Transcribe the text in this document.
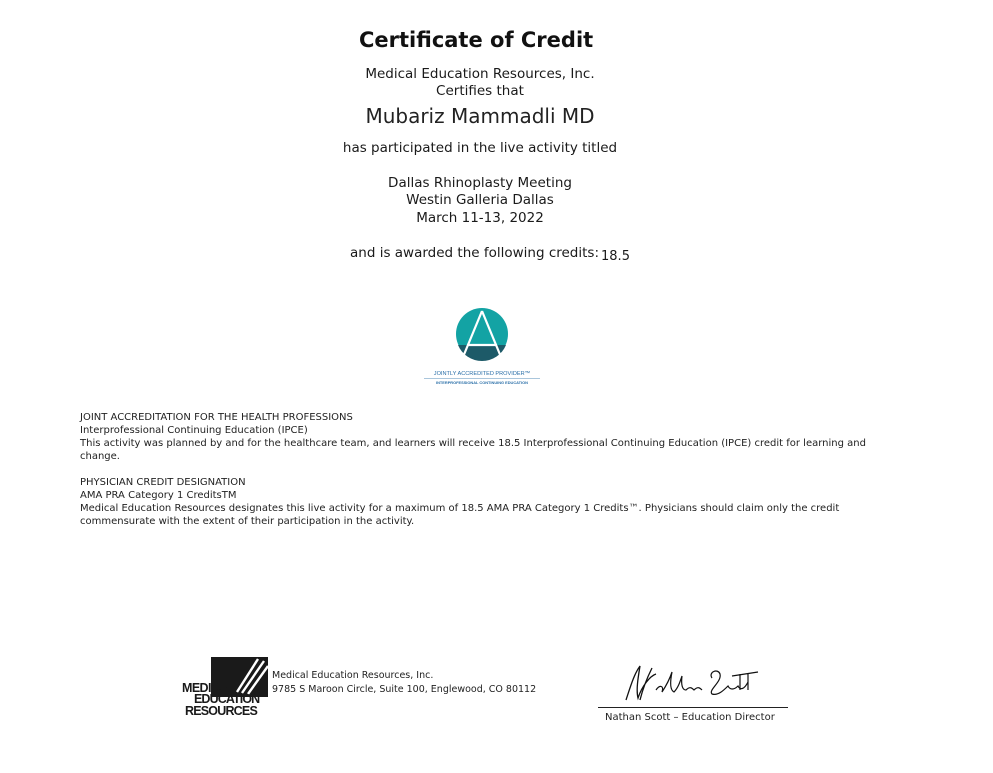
Certificate of Credit
Medical Education Resources, Inc.
Certifies that
Mubariz Mammadli MD
has participated in the live activity titled
Dallas Rhinoplasty Meeting
Westin Galleria Dallas
March 11-13, 2022
and is awarded the following credits: 18.5
JOINTLY ACCREDITED PROVIDER™
INTERPROFESSIONAL CONTINUING EDUCATION

JOINT ACCREDITATION FOR THE HEALTH PROFESSIONS

Interprofessional Continuing Education (IPCE)

This activity was planned by and for the healthcare team, and learners will receive 18.5 Interprofessional Continuing Education (IPCE) credit for learning and change.

PHYSICIAN CREDIT DESIGNATION

AMA PRA Category 1 CreditsTM

Medical Education Resources designates this live activity for a maximum of 18.5 AMA PRA Category 1 Credits™. Physicians should claim only the credit commensurate with the extent of their participation in the activity.

MEDICAL
EDUCATION
RESOURCES
Medical Education Resources, Inc.
9785 S Maroon Circle, Suite 100, Englewood, CO 80112
Nathan Scott – Education Director
